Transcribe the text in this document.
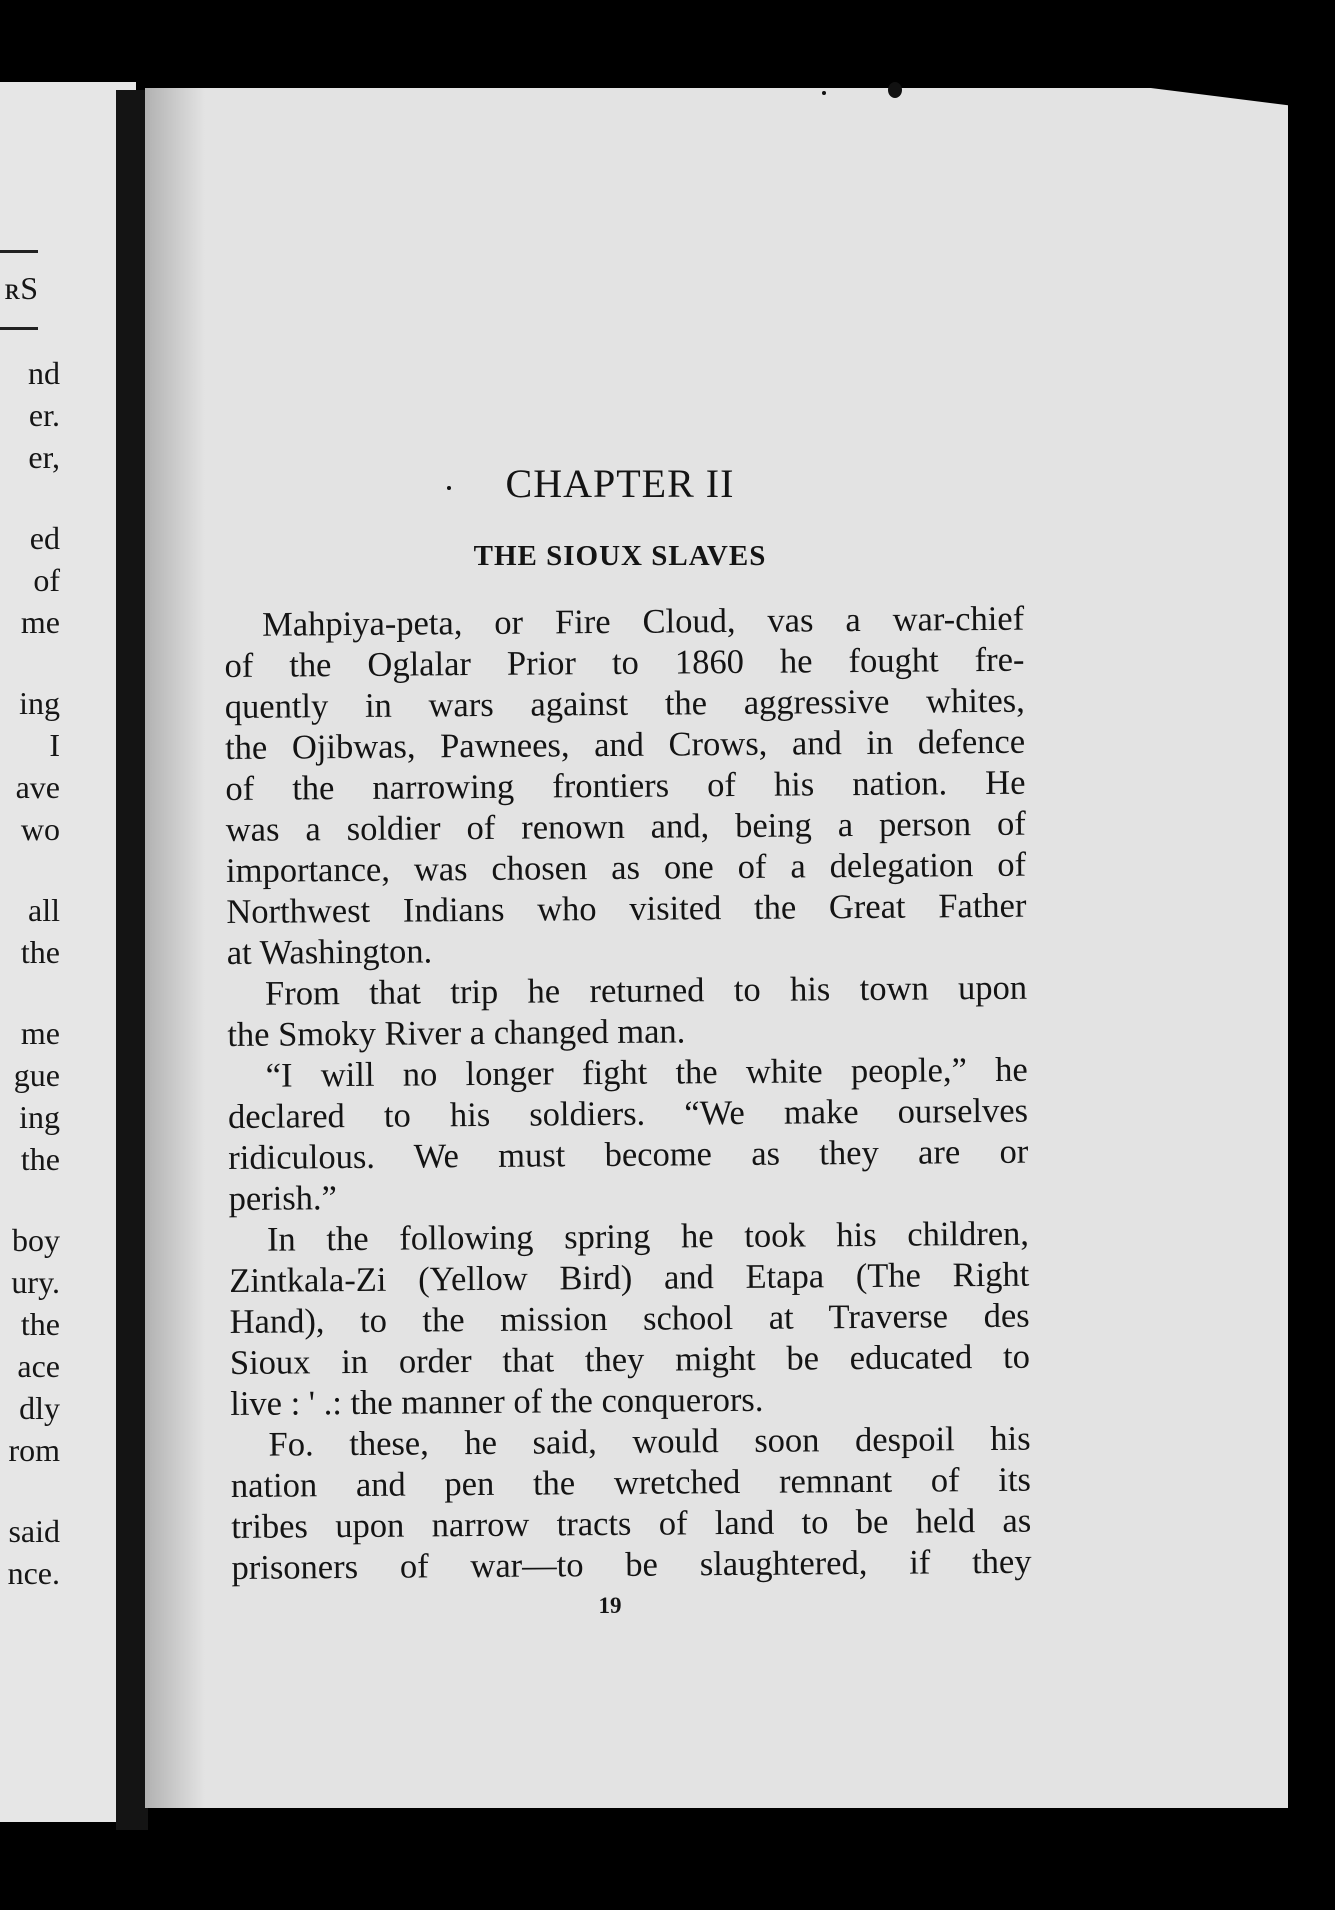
ʀS
nd
er.
er,
ed
of
me
ing
I
ave
wo
all
the
me
gue
ing
the
boy
ury.
the
ace
dly
rom
said
nce.
CHAPTER II
THE SIOUX SLAVES
Mahpiya-peta, or Fire Cloud, vas a war-chief
of the Oglalar Prior to 1860 he fought fre-
quently in wars against the aggressive whites,
the Ojibwas, Pawnees, and Crows, and in defence
of the narrowing frontiers of his nation. He
was a soldier of renown and, being a person of
importance, was chosen as one of a delegation of
Northwest Indians who visited the Great Father
at Washington.
From that trip he returned to his town upon
the Smoky River a changed man.
“I will no longer fight the white people,” he
declared to his soldiers. “We make ourselves
ridiculous. We must become as they are or
perish.”
In the following spring he took his children,
Zintkala-Zi (Yellow Bird) and Etapa (The Right
Hand), to the mission school at Traverse des
Sioux in order that they might be educated to
live : ' .: the manner of the conquerors.
Fo. these, he said, would soon despoil his
nation and pen the wretched remnant of its
tribes upon narrow tracts of land to be held as
prisoners of war—to be slaughtered, if they
19
